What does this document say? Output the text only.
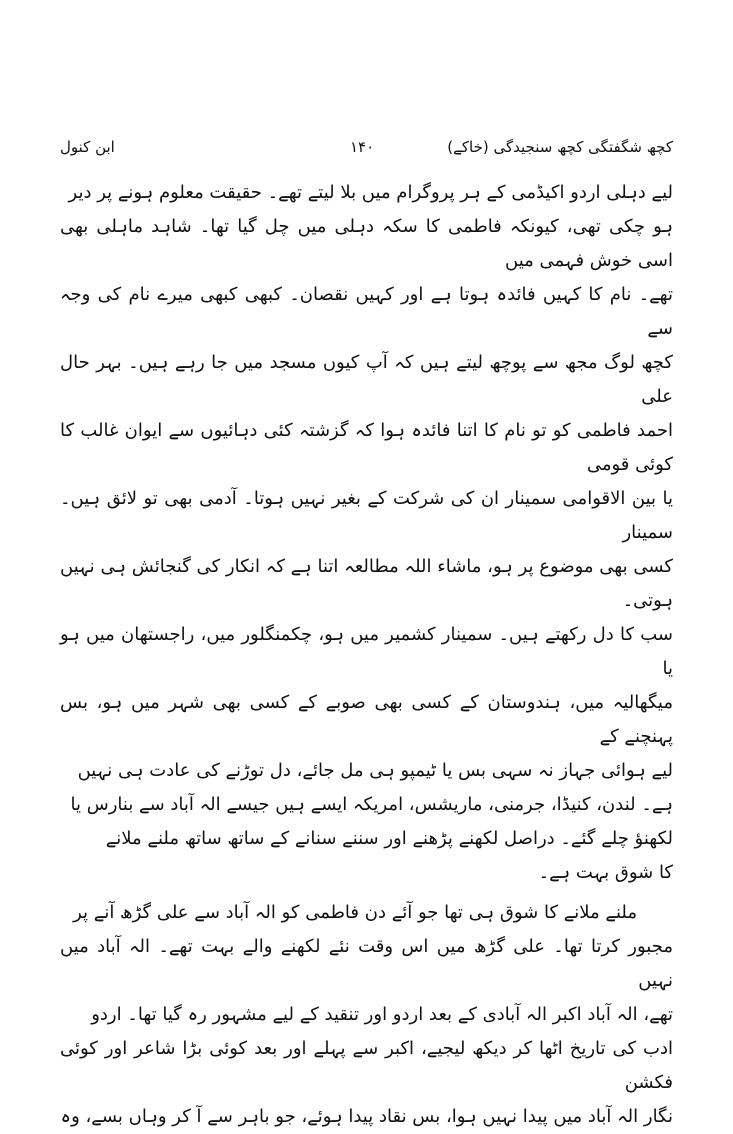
کچھ شگفتگی کچھ سنجیدگی (خاکے)
۱۴۰
ابن کنول
لیے دہلی اردو اکیڈمی کے ہر پروگرام میں بلا لیتے تھے۔ حقیقت معلوم ہونے پر دیر
ہو چکی تھی، کیونکہ فاطمی کا سکہ دہلی میں چل گیا تھا۔ شاہد ماہلی بھی اسی خوش فہمی میں
تھے۔ نام کا کہیں فائدہ ہوتا ہے اور کہیں نقصان۔ کبھی کبھی میرے نام کی وجہ سے
کچھ لوگ مجھ سے پوچھ لیتے ہیں کہ آپ کیوں مسجد میں جا رہے ہیں۔ بہر حال علی
احمد فاطمی کو تو نام کا اتنا فائدہ ہوا کہ گزشتہ کئی دہائیوں سے ایوان غالب کا کوئی قومی
یا بین الاقوامی سمینار ان کی شرکت کے بغیر نہیں ہوتا۔ آدمی بھی تو لائق ہیں۔ سمینار
کسی بھی موضوع پر ہو، ماشاء اللہ مطالعہ اتنا ہے کہ انکار کی گنجائش ہی نہیں ہوتی۔
سب کا دل رکھتے ہیں۔ سمینار کشمیر میں ہو، چکمنگلور میں، راجستھان میں ہو یا
میگھالیہ میں، ہندوستان کے کسی بھی صوبے کے کسی بھی شہر میں ہو، بس پہنچنے کے
لیے ہوائی جہاز نہ سہی بس یا ٹیمپو ہی مل جائے، دل توڑنے کی عادت ہی نہیں
ہے۔ لندن، کنیڈا، جرمنی، ماریشس، امریکہ ایسے ہیں جیسے الہ آباد سے بنارس یا
لکھنؤ چلے گئے۔ دراصل لکھنے پڑھنے اور سننے سنانے کے ساتھ ساتھ ملنے ملانے
کا شوق بہت ہے۔
ملنے ملانے کا شوق ہی تھا جو آئے دن فاطمی کو الہ آباد سے علی گڑھ آنے پر
مجبور کرتا تھا۔ علی گڑھ میں اس وقت نئے لکھنے والے بہت تھے۔ الہ آباد میں نہیں
تھے، الہ آباد اکبر الہ آبادی کے بعد اردو اور تنقید کے لیے مشہور رہ گیا تھا۔ اردو
ادب کی تاریخ اٹھا کر دیکھ لیجیے، اکبر سے پہلے اور بعد کوئی بڑا شاعر اور کوئی فکشن
نگار الہ آباد میں پیدا نہیں ہوا، بس نقاد پیدا ہوئے، جو باہر سے آ کر وہاں بسے، وہ
